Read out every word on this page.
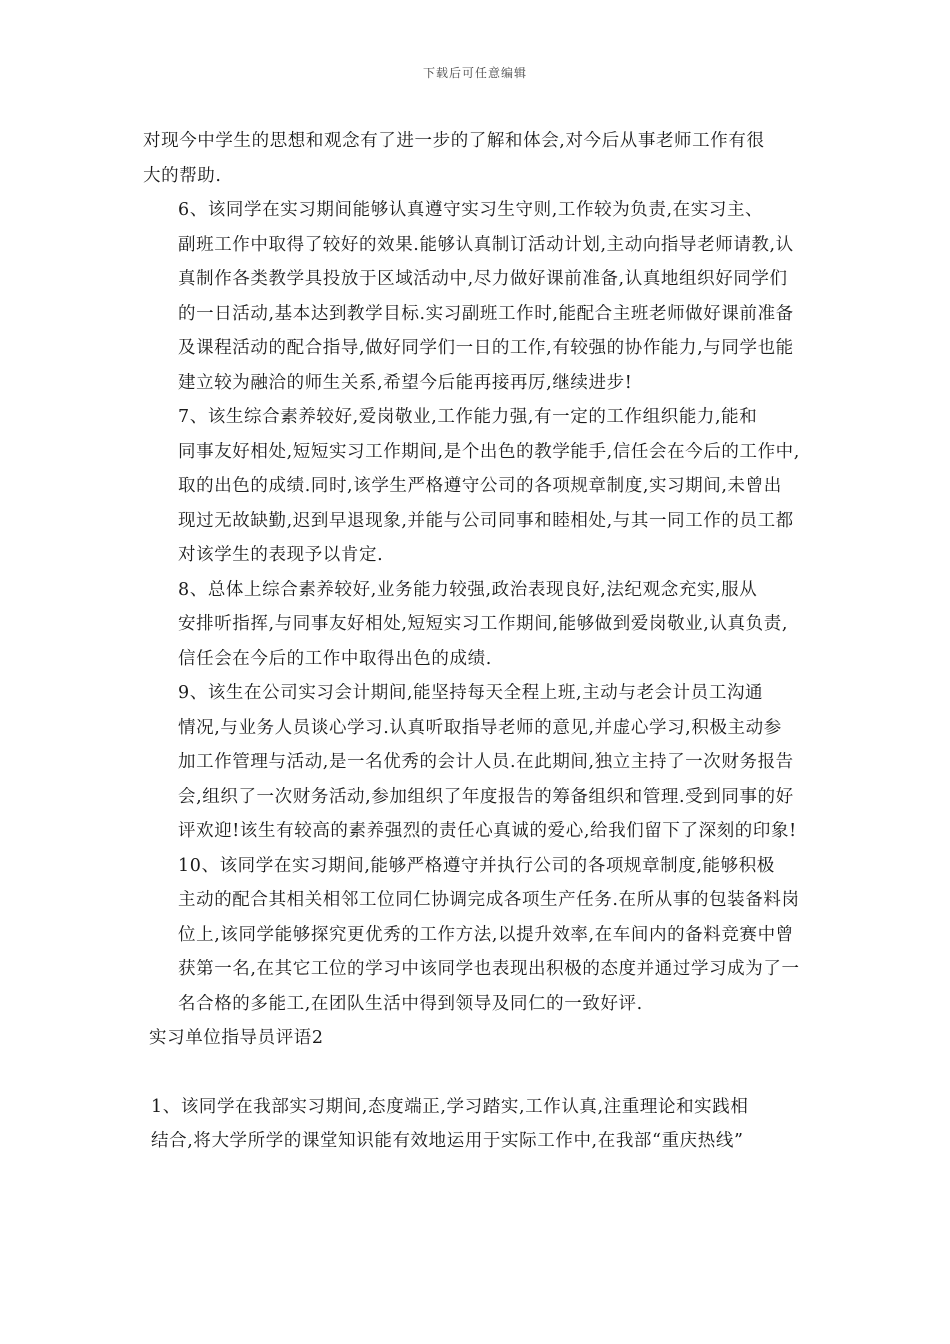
下载后可任意编辑
对现今中学生的思想和观念有了进一步的了解和体会,对今后从事老师工作有很
大的帮助.
6、该同学在实习期间能够认真遵守实习生守则,工作较为负责,在实习主、
副班工作中取得了较好的效果.能够认真制订活动计划,主动向指导老师请教,认
真制作各类教学具投放于区域活动中,尽力做好课前准备,认真地组织好同学们
的一日活动,基本达到教学目标.实习副班工作时,能配合主班老师做好课前准备
及课程活动的配合指导,做好同学们一日的工作,有较强的协作能力,与同学也能
建立较为融洽的师生关系,希望今后能再接再厉,继续进步!
7、该生综合素养较好,爱岗敬业,工作能力强,有一定的工作组织能力,能和
同事友好相处,短短实习工作期间,是个出色的教学能手,信任会在今后的工作中,
取的出色的成绩.同时,该学生严格遵守公司的各项规章制度,实习期间,未曾出
现过无故缺勤,迟到早退现象,并能与公司同事和睦相处,与其一同工作的员工都
对该学生的表现予以肯定.
8、总体上综合素养较好,业务能力较强,政治表现良好,法纪观念充实,服从
安排听指挥,与同事友好相处,短短实习工作期间,能够做到爱岗敬业,认真负责,
信任会在今后的工作中取得出色的成绩.
9、该生在公司实习会计期间,能坚持每天全程上班,主动与老会计员工沟通
情况,与业务人员谈心学习.认真听取指导老师的意见,并虚心学习,积极主动参
加工作管理与活动,是一名优秀的会计人员.在此期间,独立主持了一次财务报告
会,组织了一次财务活动,参加组织了年度报告的筹备组织和管理.受到同事的好
评欢迎!该生有较高的素养强烈的责任心真诚的爱心,给我们留下了深刻的印象!
10、该同学在实习期间,能够严格遵守并执行公司的各项规章制度,能够积极
主动的配合其相关相邻工位同仁协调完成各项生产任务.在所从事的包装备料岗
位上,该同学能够探究更优秀的工作方法,以提升效率,在车间内的备料竞赛中曾
获第一名,在其它工位的学习中该同学也表现出积极的态度并通过学习成为了一
名合格的多能工,在团队生活中得到领导及同仁的一致好评.
实习单位指导员评语2
1、该同学在我部实习期间,态度端正,学习踏实,工作认真,注重理论和实践相
结合,将大学所学的课堂知识能有效地运用于实际工作中,在我部“重庆热线”
